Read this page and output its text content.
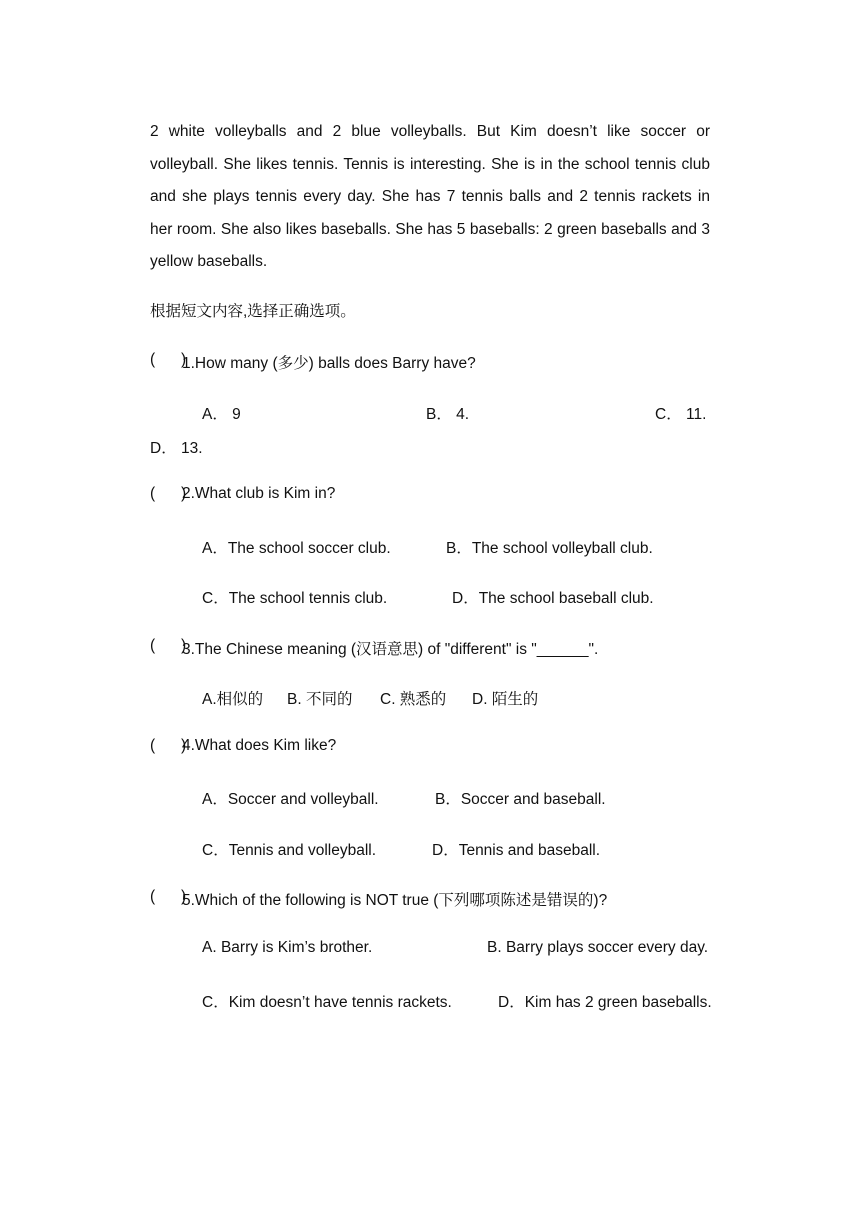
2 white volleyballs and 2 blue volleyballs. But Kim doesn’t like soccer or
volleyball. She likes tennis. Tennis is interesting. She is in the school tennis club
and she plays tennis every day. She has 7 tennis balls and 2 tennis rackets in
her room. She also likes baseballs. She has 5 baseballs: 2 green baseballs and 3
yellow baseballs.
根据短文内容,选择正确选项。
(      )
1.How many (多少) balls does Barry have?
A． 9	B． 4.	C． 11.
D． 13.
(      )
2.What club is Kim in?
A．The school soccer club.	B．The school volleyball club.
C．The school tennis club.	D．The school baseball club.
(      )
3.The Chinese meaning (汉语意思) of "different" is "______".
A.相似的 B. 不同的 C. 熟悉的 D. 陌生的
(      )
4.What does Kim like?
A．Soccer and volleyball.	B．Soccer and baseball.
C．Tennis and volleyball.	D．Tennis and baseball.
(      )
5.Which of the following is NOT true (下列哪项陈述是错误的)?
A. Barry is Kim’s brother.	B. Barry plays soccer every day.
C．Kim doesn’t have tennis rackets.	D．Kim has 2 green baseballs.
